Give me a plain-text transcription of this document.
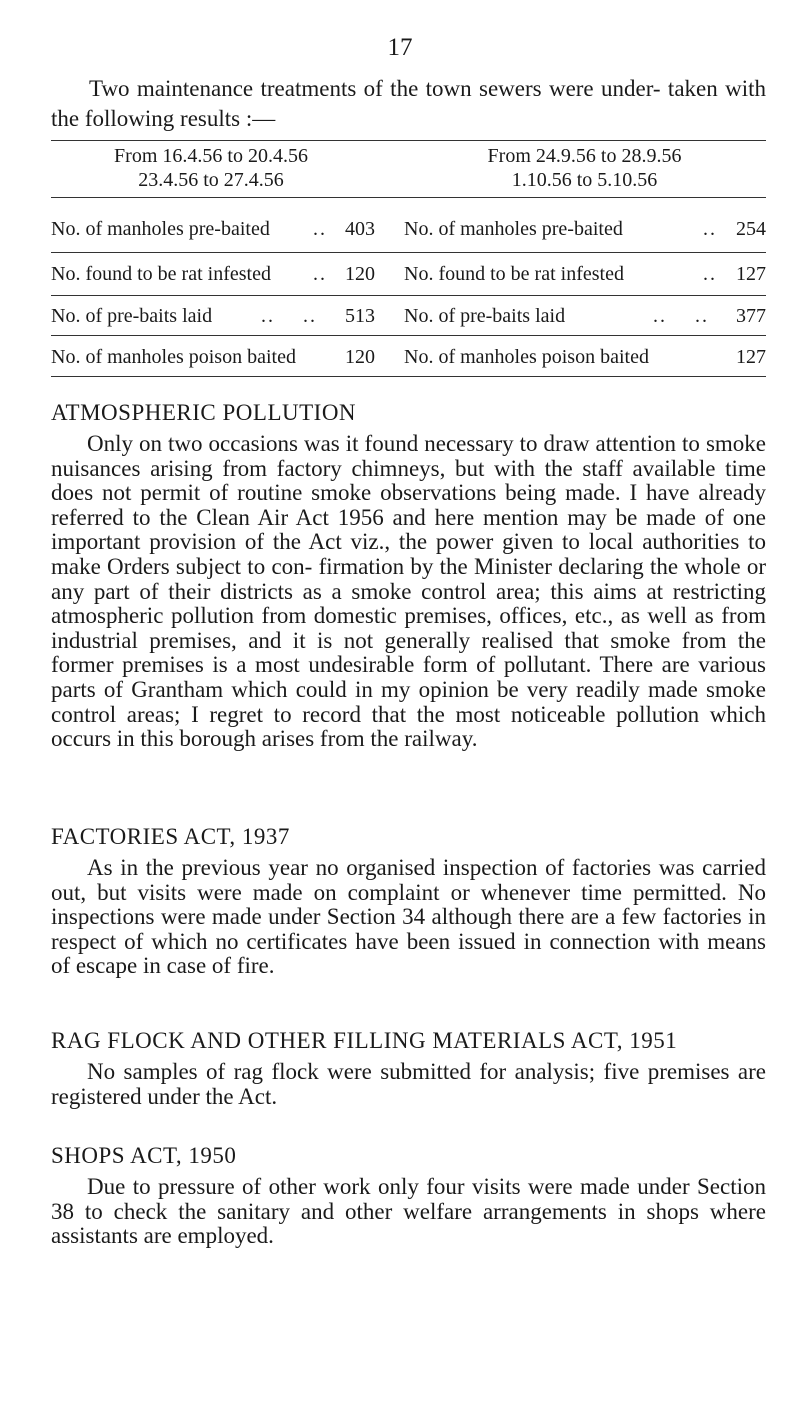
17

Two maintenance treatments of the town sewers were under- taken with the following results :—

From 16.4.56 to 20.4.56
23.4.56 to 27.4.56
From 24.9.56 to 28.9.56
1.10.56 to 5.10.56
No. of manholes pre-baited .. 403 No. of manholes pre-baited	.. 254
No. found to be rat infested .. 120 No. found to be rat infested	.. 127
No. of pre-baits laid ..    ..	513 No. of pre-baits laid	..    ..	377
No. of manholes poison baited	120 No. of manholes poison baited	127
ATMOSPHERIC POLLUTION

Only on two occasions was it found necessary to draw attention to smoke nuisances arising from factory chimneys, but with the staff available time does not permit of routine smoke observations being made. I have already referred to the Clean Air Act 1956 and here mention may be made of one important provision of the Act viz., the power given to local authorities to make Orders subject to con- firmation by the Minister declaring the whole or any part of their districts as a smoke control area; this aims at restricting atmospheric pollution from domestic premises, offices, etc., as well as from industrial premises, and it is not generally realised that smoke from the former premises is a most undesirable form of pollutant. There are various parts of Grantham which could in my opinion be very readily made smoke control areas; I regret to record that the most noticeable pollution which occurs in this borough arises from the railway.

FACTORIES ACT, 1937

As in the previous year no organised inspection of factories was carried out, but visits were made on complaint or whenever time permitted. No inspections were made under Section 34 although there are a few factories in respect of which no certificates have been issued in connection with means of escape in case of fire.

RAG FLOCK AND OTHER FILLING MATERIALS ACT, 1951

No samples of rag flock were submitted for analysis; five premises are registered under the Act.

SHOPS ACT, 1950

Due to pressure of other work only four visits were made under Section 38 to check the sanitary and other welfare arrangements in shops where assistants are employed.
